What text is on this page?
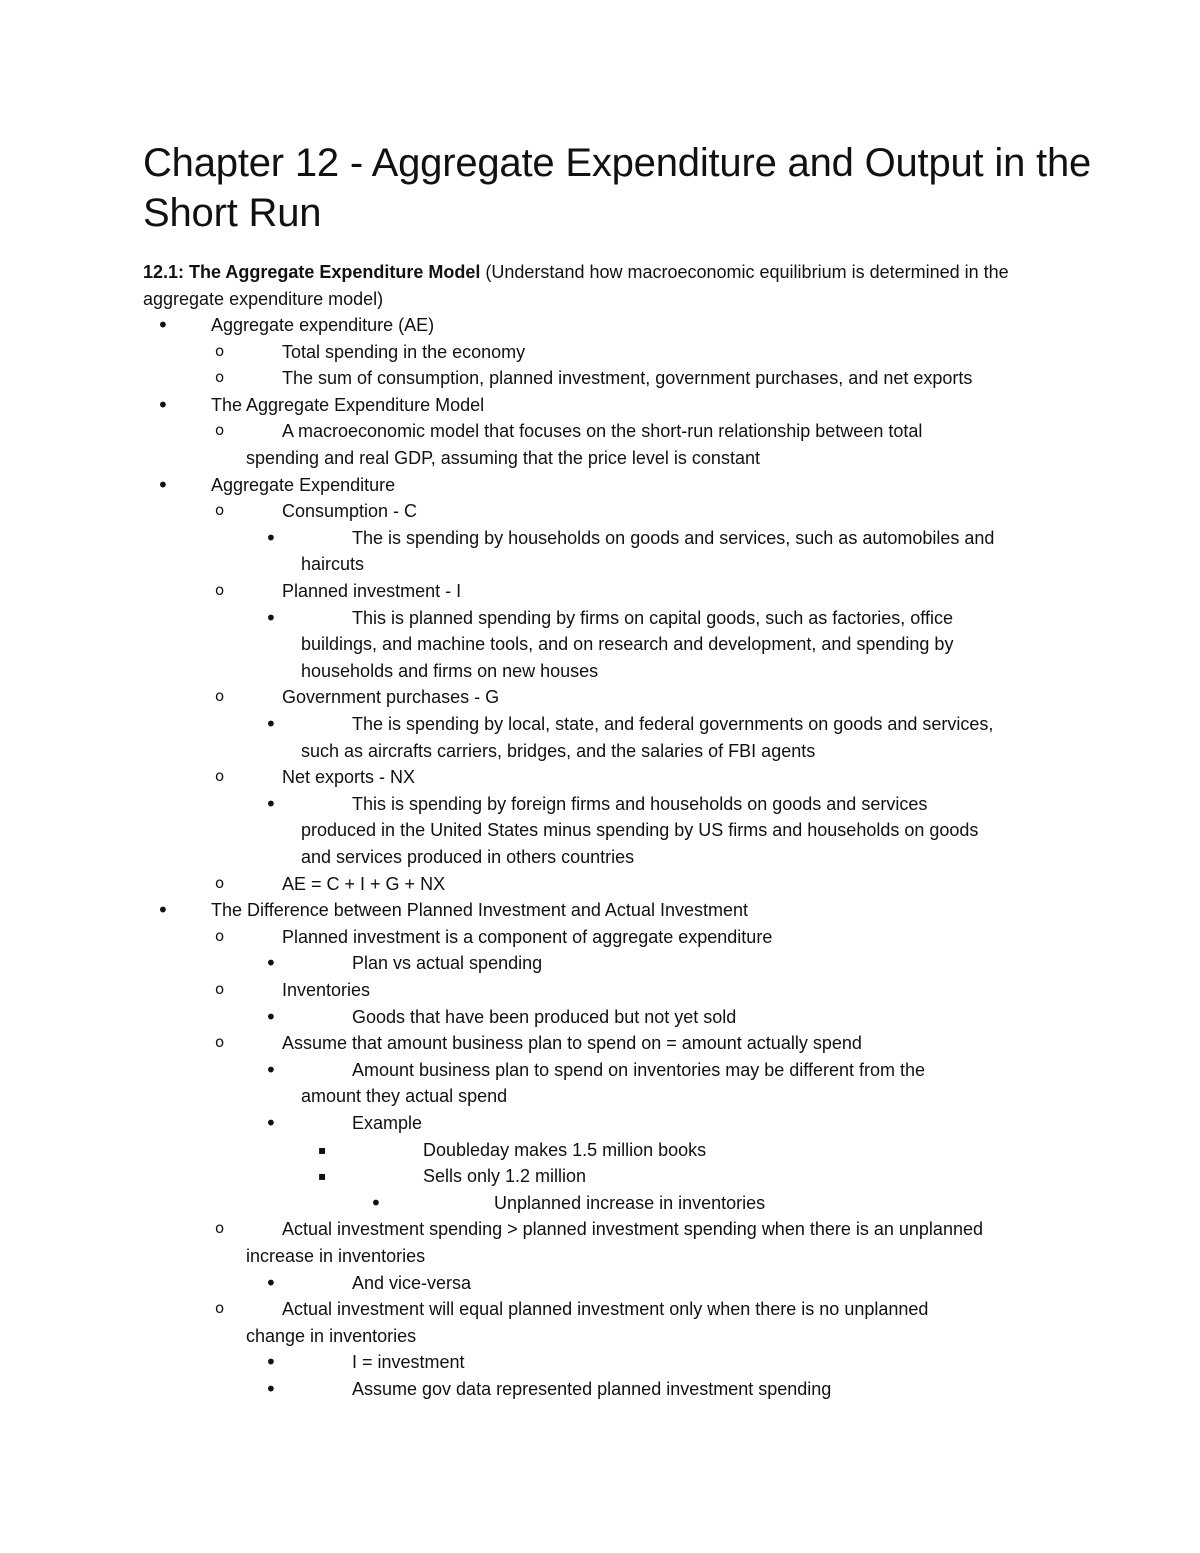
Chapter 12 - Aggregate Expenditure and Output in the Short Run
12.1: The Aggregate Expenditure Model (Understand how macroeconomic equilibrium is determined in the aggregate expenditure model)
• Aggregate expenditure (AE)
o	Total spending in the economy
o	The sum of consumption, planned investment, government purchases, and net exports
• The Aggregate Expenditure Model
o	A macroeconomic model that focuses on the short-run relationship between total
spending and real GDP, assuming that the price level is constant
• Aggregate Expenditure
o	Consumption - C
•	The is spending by households on goods and services, such as automobiles and
haircuts
o	Planned investment - I
•	This is planned spending by firms on capital goods, such as factories, office
buildings, and machine tools, and on research and development, and spending by
households and firms on new houses
o	Government purchases - G
•	The is spending by local, state, and federal governments on goods and services,
such as aircrafts carriers, bridges, and the salaries of FBI agents
o	Net exports - NX
•	This is spending by foreign firms and households on goods and services
produced in the United States minus spending by US firms and households on goods
and services produced in others countries
o	AE = C + I + G + NX
• The Difference between Planned Investment and Actual Investment
o	Planned investment is a component of aggregate expenditure
•	Plan vs actual spending
o	Inventories
•	Goods that have been produced but not yet sold
o	Assume that amount business plan to spend on = amount actually spend
•	Amount business plan to spend on inventories may be different from the
amount they actual spend
•	Example
▪	Doubleday makes 1.5 million books
▪	Sells only 1.2 million
•	Unplanned increase in inventories
o	Actual investment spending > planned investment spending when there is an unplanned
increase in inventories
•	And vice-versa
o	Actual investment will equal planned investment only when there is no unplanned
change in inventories
•	I = investment
•	Assume gov data represented planned investment spending
